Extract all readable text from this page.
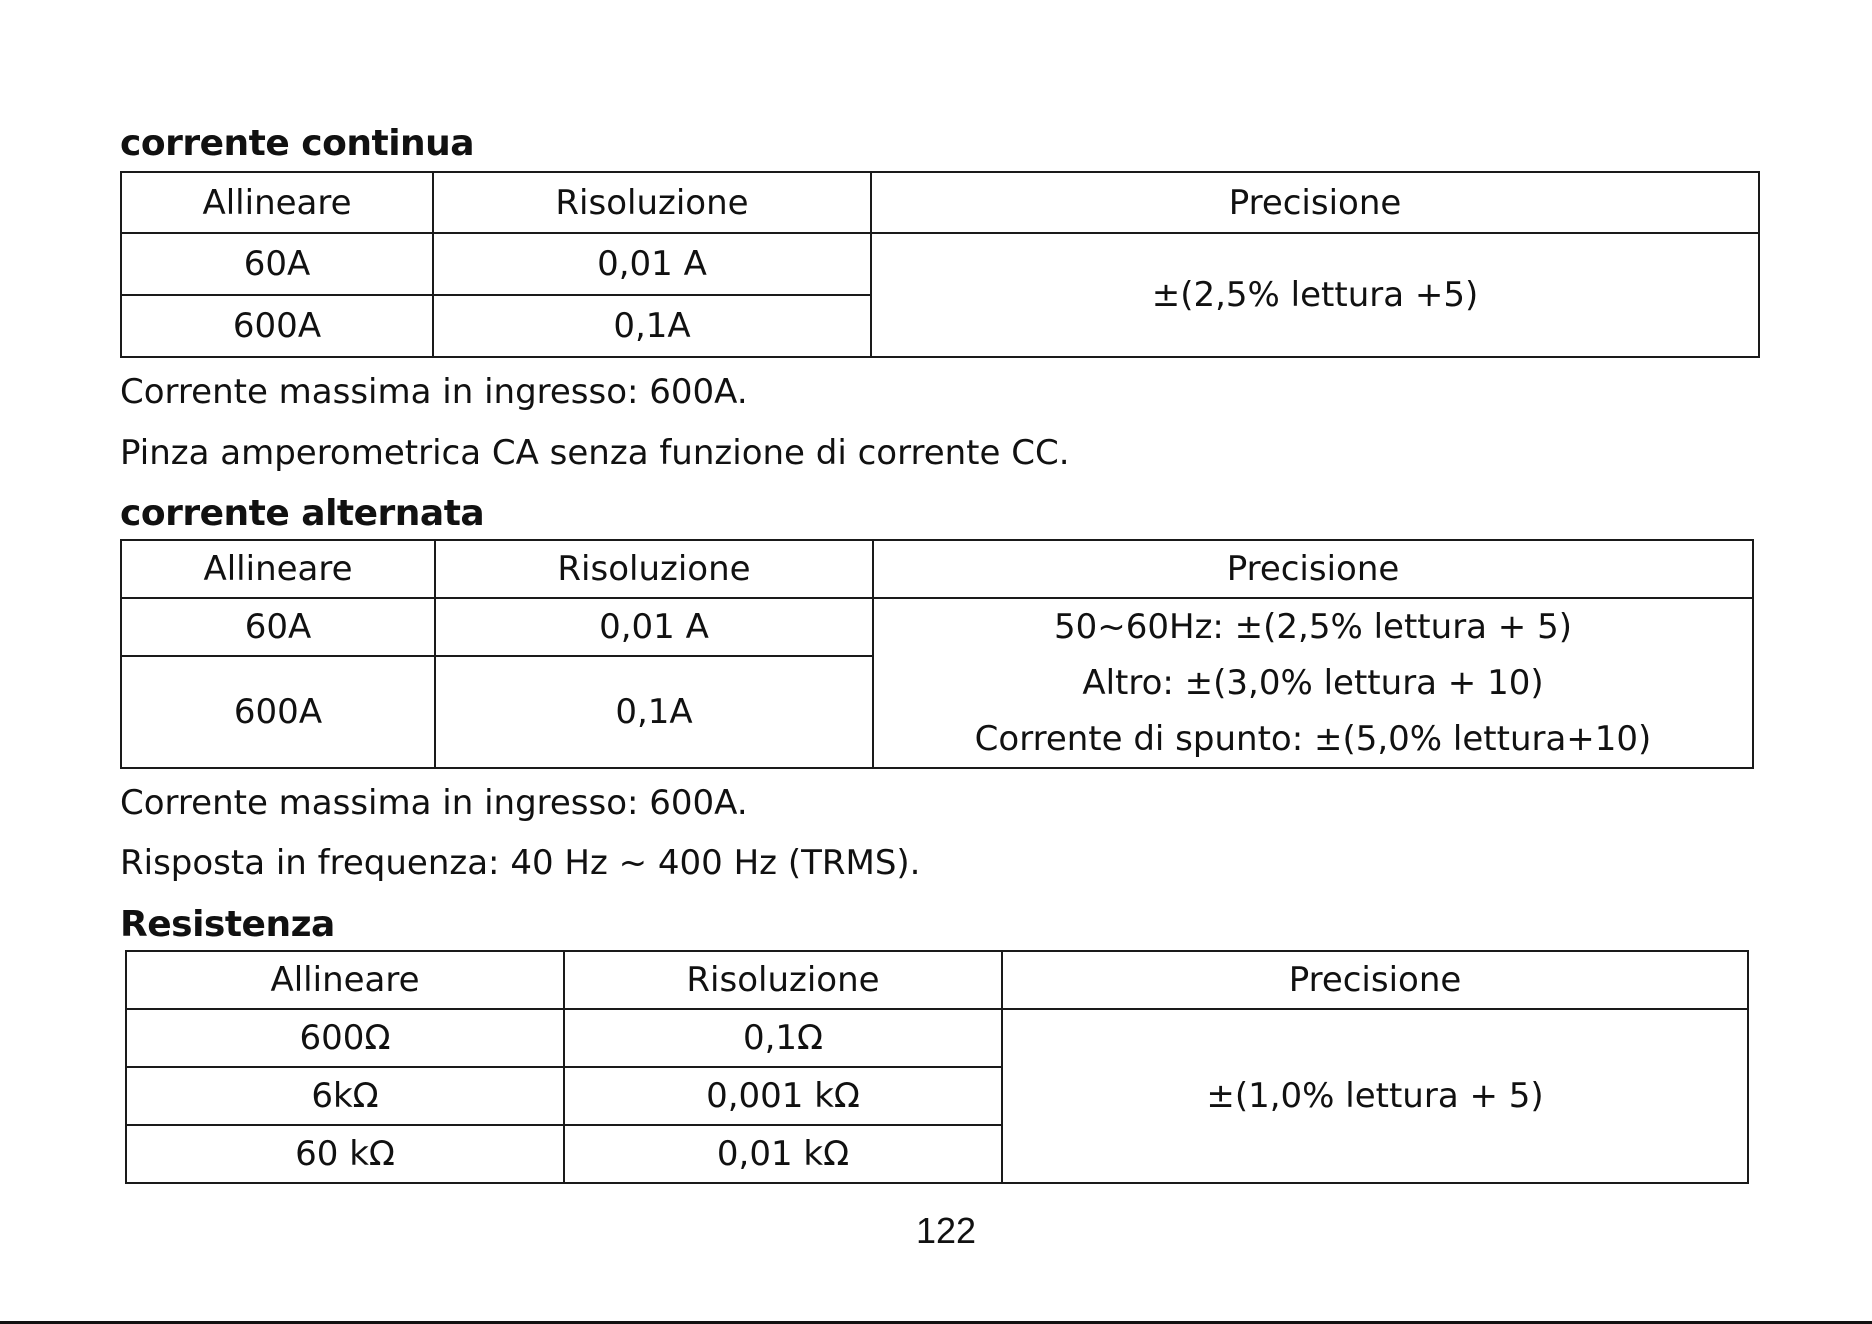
corrente continua
Allineare	Risoluzione	Precisione
60A	0,01 A	±(2,5% lettura +5)

600A	0,1A	
Corrente massima in ingresso: 600A.
Pinza amperometrica CA senza funzione di corrente CC.
corrente alternata
Allineare	Risoluzione	Precisione
60A	0,01 A	50~60Hz: ±(2,5% lettura + 5)
Altro: ±(3,0% lettura + 10)
Corrente di spunto: ±(5,0% lettura+10)

600A	0,1A	
Corrente massima in ingresso: 600A.
Risposta in frequenza: 40 Hz ~ 400 Hz (TRMS).
Resistenza
Allineare	Risoluzione	Precisione
600Ω	0,1Ω	±(1,0% lettura + 5)

6kΩ	0,001 kΩ	
60 kΩ	0,01 kΩ	
122
